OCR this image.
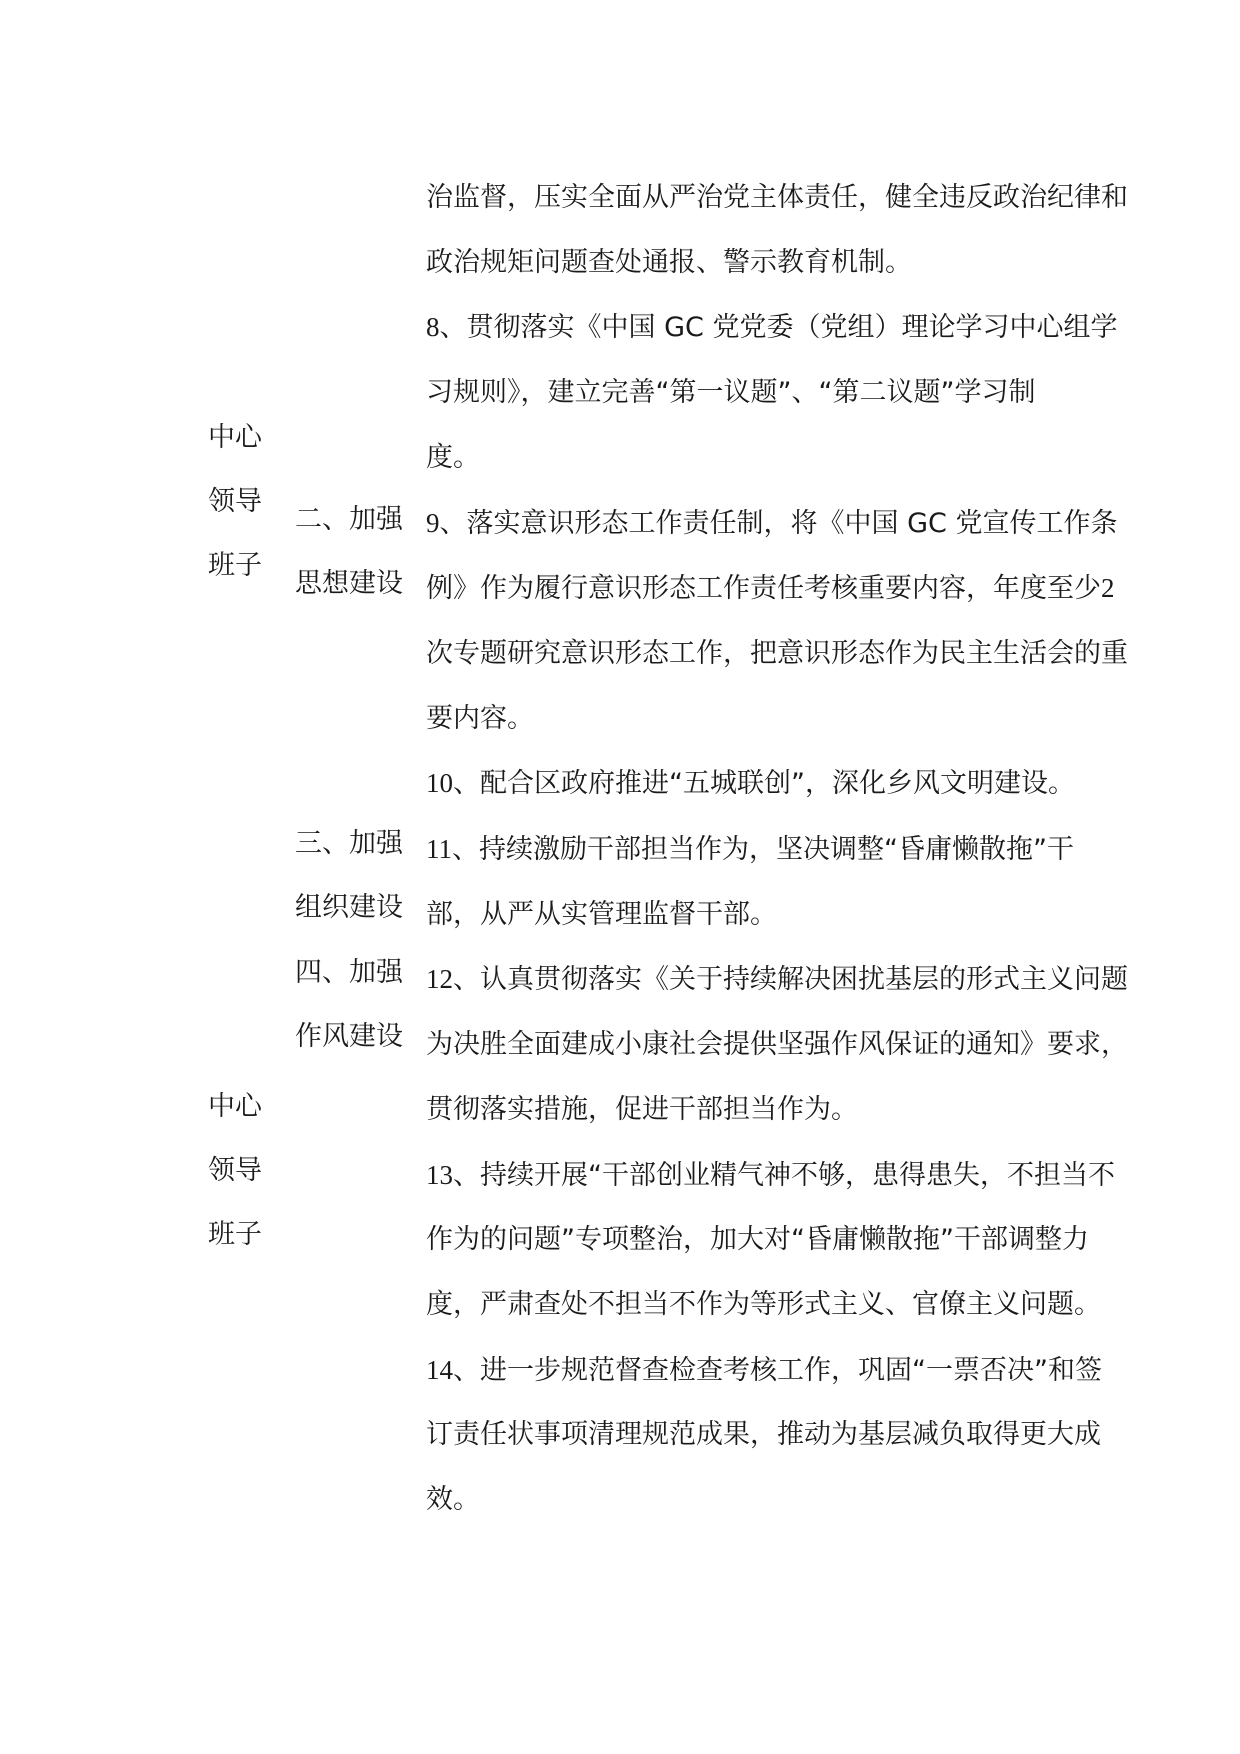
中心
领导
班子
中心
领导
班子
二、加强
思想建设
三、加强
组织建设
四、加强
作风建设

治监督，压实全面从严治党主体责任，健全违反政治纪律和
政治规矩问题查处通报、警示教育机制。

8、贯彻落实《中国 GC 党党委（党组）理论学习中心组学
习规则》，建立完善“第一议题”、“第二议题”学习制
度。

9、落实意识形态工作责任制，将《中国 GC 党宣传工作条
例》作为履行意识形态工作责任考核重要内容，年度至少2
次专题研究意识形态工作，把意识形态作为民主生活会的重
要内容。

10、配合区政府推进“五城联创”，深化乡风文明建设。

11、持续激励干部担当作为，坚决调整“昏庸懒散拖”干
部，从严从实管理监督干部。

12、认真贯彻落实《关于持续解决困扰基层的形式主义问题
为决胜全面建成小康社会提供坚强作风保证的通知》要求，
贯彻落实措施，促进干部担当作为。

13、持续开展“干部创业精气神不够，患得患失，不担当不
作为的问题”专项整治，加大对“昏庸懒散拖”干部调整力
度，严肃查处不担当不作为等形式主义、官僚主义问题。

14、进一步规范督查检查考核工作，巩固“一票否决”和签
订责任状事项清理规范成果，推动为基层减负取得更大成
效。
